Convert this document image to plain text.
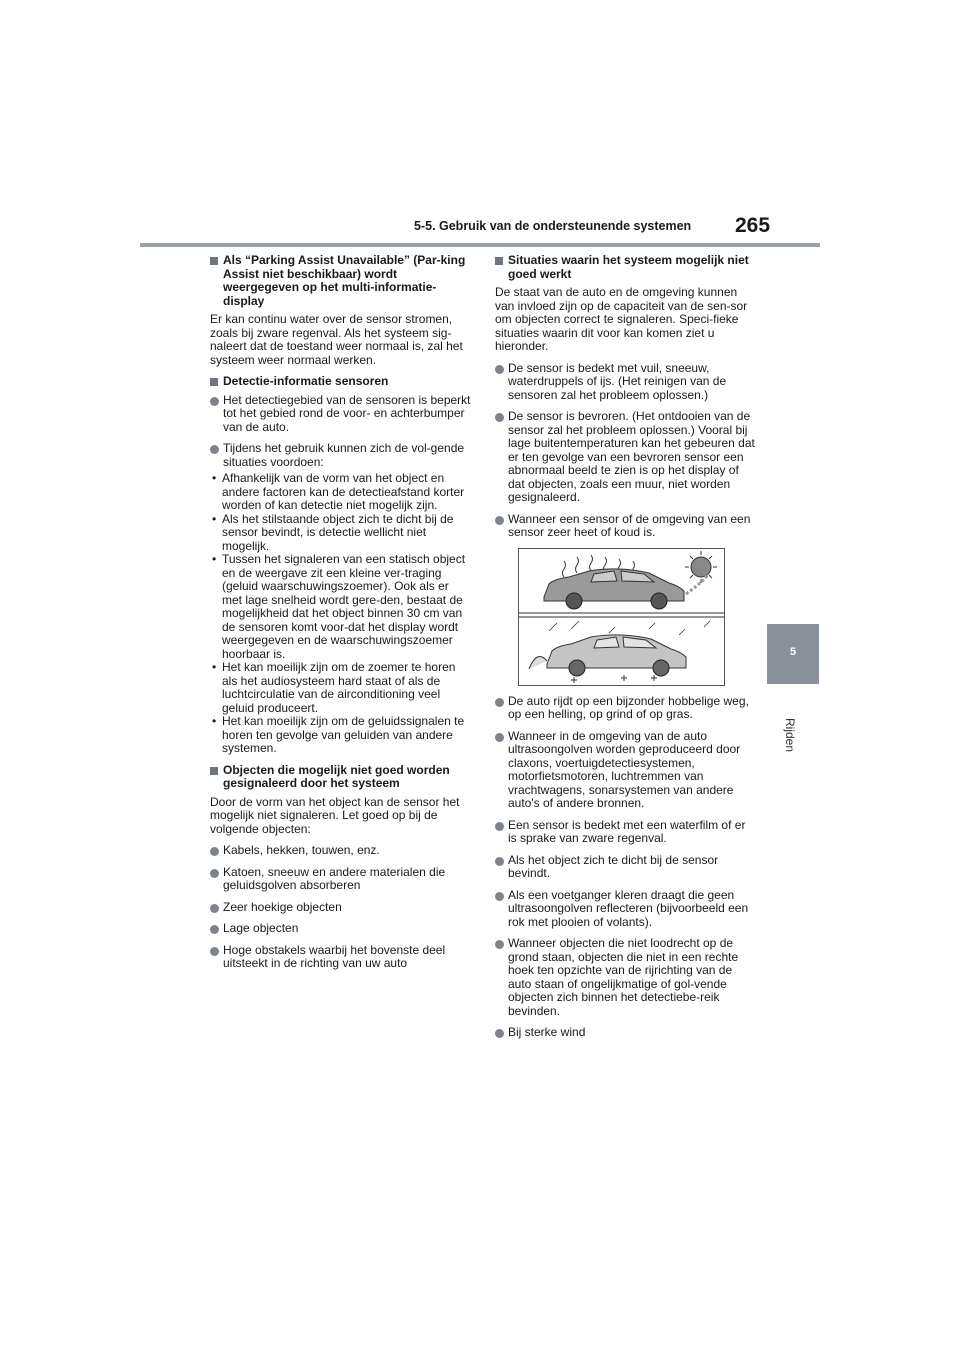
5-5. Gebruik van de ondersteunende systemen 265
5
Rijden
Als “Parking Assist Unavailable” (Par-king Assist niet beschikbaar) wordt weergegeven op het multi-informatie-display
Er kan continu water over de sensor stromen, zoals bij zware regenval. Als het systeem sig-naleert dat de toestand weer normaal is, zal het systeem weer normaal werken.
Detectie-informatie sensoren
Het detectiegebied van de sensoren is beperkt tot het gebied rond de voor- en achterbumper van de auto.
Tijdens het gebruik kunnen zich de vol-gende situaties voordoen:
• Afhankelijk van de vorm van het object en andere factoren kan de detectieafstand korter worden of kan detectie niet mogelijk zijn.
• Als het stilstaande object zich te dicht bij de sensor bevindt, is detectie wellicht niet mogelijk.
• Tussen het signaleren van een statisch object en de weergave zit een kleine ver-traging (geluid waarschuwingszoemer). Ook als er met lage snelheid wordt gere-den, bestaat de mogelijkheid dat het object binnen 30 cm van de sensoren komt voor-dat het display wordt weergegeven en de waarschuwingszoemer hoorbaar is.
• Het kan moeilijk zijn om de zoemer te horen als het audiosysteem hard staat of als de luchtcirculatie van de airconditioning veel geluid produceert.
• Het kan moeilijk zijn om de geluidssignalen te horen ten gevolge van geluiden van andere systemen.
Objecten die mogelijk niet goed worden gesignaleerd door het systeem
Door de vorm van het object kan de sensor het mogelijk niet signaleren. Let goed op bij de volgende objecten:
Kabels, hekken, touwen, enz.
Katoen, sneeuw en andere materialen die geluidsgolven absorberen
Zeer hoekige objecten
Lage objecten
Hoge obstakels waarbij het bovenste deel uitsteekt in de richting van uw auto
Situaties waarin het systeem mogelijk niet goed werkt
De staat van de auto en de omgeving kunnen van invloed zijn op de capaciteit van de sen-sor om objecten correct te signaleren. Speci-fieke situaties waarin dit voor kan komen ziet u hieronder.
De sensor is bedekt met vuil, sneeuw, waterdruppels of ijs. (Het reinigen van de sensoren zal het probleem oplossen.)
De sensor is bevroren. (Het ontdooien van de sensor zal het probleem oplossen.) Vooral bij lage buitentemperaturen kan het gebeuren dat er ten gevolge van een bevroren sensor een abnormaal beeld te zien is op het display of dat objecten, zoals een muur, niet worden gesignaleerd.
Wanneer een sensor of de omgeving van een sensor zeer heet of koud is.
De auto rijdt op een bijzonder hobbelige weg, op een helling, op grind of op gras.
Wanneer in de omgeving van de auto ultrasoongolven worden geproduceerd door claxons, voertuigdetectiesystemen, motorfietsmotoren, luchtremmen van vrachtwagens, sonarsystemen van andere auto's of andere bronnen.
Een sensor is bedekt met een waterfilm of er is sprake van zware regenval.
Als het object zich te dicht bij de sensor bevindt.
Als een voetganger kleren draagt die geen ultrasoongolven reflecteren (bijvoorbeeld een rok met plooien of volants).
Wanneer objecten die niet loodrecht op de grond staan, objecten die niet in een rechte hoek ten opzichte van de rijrichting van de auto staan of ongelijkmatige of gol-vende objecten zich binnen het detectiebe-reik bevinden.
Bij sterke wind
